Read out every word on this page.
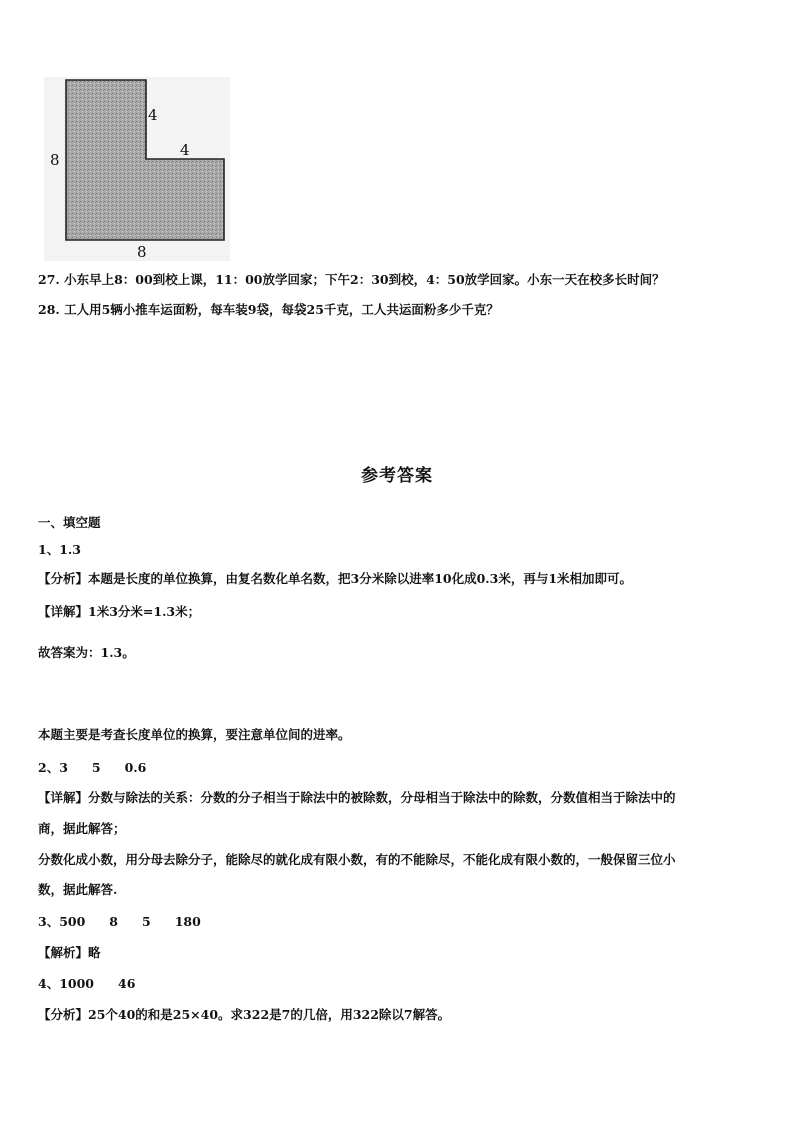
8
4
4
8
27. 小东早上8：00到校上课，11：00放学回家；下午2：30到校，4：50放学回家。小东一天在校多长时间？
28. 工人用5辆小推车运面粉，每车装9袋，每袋25千克，工人共运面粉多少千克？
参考答案
一、填空题
1、1.3
【分析】本题是长度的单位换算，由复名数化单名数，把3分米除以进率10化成0.3米，再与1米相加即可。
【详解】1米3分米=1.3米；
故答案为：1.3。
本题主要是考查长度单位的换算，要注意单位间的进率。
2、3 5 0.6
【详解】分数与除法的关系：分数的分子相当于除法中的被除数，分母相当于除法中的除数，分数值相当于除法中的
商，据此解答；
分数化成小数，用分母去除分子，能除尽的就化成有限小数，有的不能除尽，不能化成有限小数的，一般保留三位小
数，据此解答.
3、500 8 5 180
【解析】略
4、1000 46
【分析】25个40的和是25×40。求322是7的几倍，用322除以7解答。
